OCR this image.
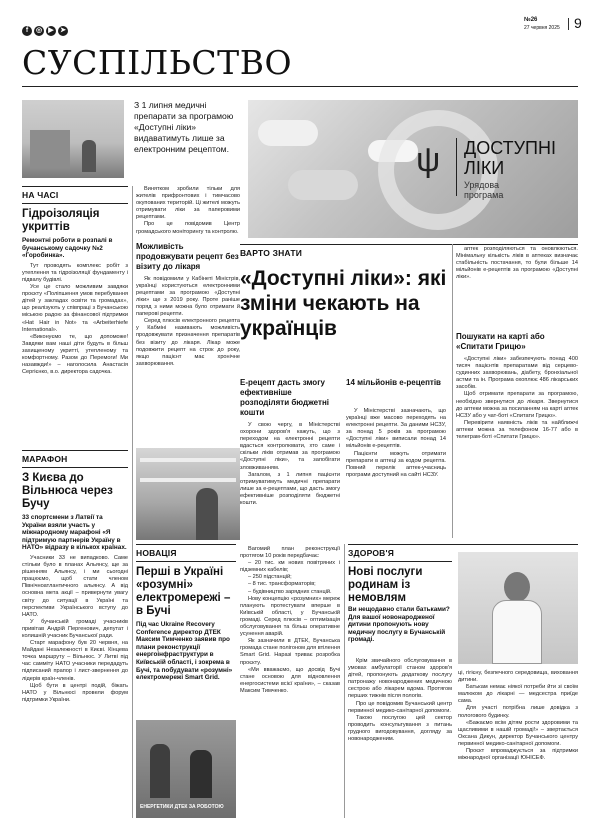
f ◎ ▶ ➤
№26
27 червня 2025 9
СУСПІЛЬСТВО
З 1 липня медичні препарати за програмою «Доступні ліки» видаватимуть лише за електронним рецептом.	ψ ДОСТУПНІ
ЛІКИ
Урядова програма
НА ЧАСІ
Гідроізоляція укриттів
Ремонтні роботи в розпалі в бучанському садочку №2 «Горобинка».

Тут проводять комплекс робіт з утеплення та гідроізоляції фундаменту і підвалу будівлі.

Усе це стало можливим завдяки проєкту «Поліпшення умов перебування дітей у закладах освіти та громадах», що реалізують у співпраці з Бучанською міською радою за фінансової підтримки «Hat Hair in Not» та «Arbeiterhiefe International».

«Виконуємо те, що допоможе! Завдяки вам наші діти будуть в більш захищеному укритті, утепленому та комфортному. Разом до Перемоги! Ми назавжди!» – наголосила Анастасія Сергієнко, в.о. директора садочка.

МАРАФОН
З Києва до Вільнюса через Бучу
33 спортсмени з Латвії та України взяли участь у міжнародному марафоні «Я підтримую партнерів Україну в НАТО» відразу в кількох країнах.

Учасники 33 не випадково. Саме стільки було в планах Альянсу, ще за рішенням Альянсу, і ми сьогодні працюємо, щоб стати членом Північноатлантичного альянсу. А від основна мета акції – привернути увагу світу до ситуації в Україні та перспективи Українського вступу до НАТО.

У бучанській громаді учасників привітав Андрій Пергенович, депутат і колишній учасник Бучанської ради.

Старт марафону був 20 червня, на Майдані Незалежності в Києві. Кінцева точка маршруту – Вільнюс. У Литві під час самміту НАТО учасники передадуть підписаний прапор і лист-звернення до лідерів країн-членів.

Щоб бути в центрі подій, біжать НАТО у Вільнюсі провели форум підтримки України.

Винятком зробили тільки для жителів прифронтових і тимчасово окупованих територій. Ці жителі можуть отримувати ліки за паперовими рецептами.

Про це повідомив Центр громадського моніторингу та контролю.

Можливість продовжувати рецепт без візиту до лікаря

Як повідомили у Кабінеті Міністрів, українці користуються електронними рецептами за програмою «Доступні ліки» ще з 2019 року. Проте раніше поряд з ними можна було отримати й паперові рецепти.

Серед плюсів електронного рецепта у Кабміні називають можливість продовжувати призначення препаратів без візиту до лікаря. Лікар може подовжити рецепт на строк до року, якщо пацієнт має хронічне захворювання.

ВАРТО ЗНАТИ
«Доступні ліки»: які зміни чекають на українців
Е-рецепт дасть змогу ефективніше розподіляти бюджетні кошти

У свою чергу, в Міністерстві охорони здоров'я кажуть, що з переходом на електронні рецепти вдасться контролювати, хто саме і скільки ліків отримав за програмою «Доступні ліки», та запобігати зловживанням.

Загалом, з 1 липня пацієнти отримуватимуть медичні препарати лише за е-рецептами, що дасть змогу ефективніше розподіляти бюджетні кошти.

14 мільйонів е-рецептів

У Міністерстві зазначають, що українці вже масово переходять на електронні рецепти. За даними НСЗУ, за понад 5 років за програмою «Доступні ліки» виписали понад 14 мільйонів е-рецептів.

Пацієнти можуть отримати препарати в аптеці за кодом рецепта. Повний перелік аптек-учасниць програми доступний на сайті НСЗУ.

аптек розподіляються та оновлюються. Мінімальну кількість ліків в аптеках визначає стабільність постачання, то були більше 14 мільйонів е-рецептів за програмою «Доступні ліки».

Пошукати на карті або «Спитати Грицю»

«Доступні ліки» забезпечують понад 400 тисяч пацієнтів препаратами від серцево-судинних захворювань, діабету, бронхіальної астми та ін. Програма охоплює 486 лікарських засобів.

Щоб отримати препарати за програмою, необхідно звернутися до лікаря. Звернутися до аптеки можна за посиланням на карті аптек НСЗУ або у чат-боті «Спитати Грицю».

Перевірити наявність ліків та найближчі аптеки можна за телефоном 16-77 або в телеграм-боті «Спитати Грицю».

НОВАЦІЯ
Перші в Україні «розумні» електромережі – в Бучі
Під час Ukraine Recovery Conference директор ДТЕК Максим Тимченко заявив про плани реконструкції енергоінфраструктури в Київській області, і зокрема в Бучі, та побудувати «розумні» електромережі Smart Grid.
ЕНЕРГЕТИКИ ДТЕК ЗА РОБОТОЮ

Вагомий план реконструкції протягом 10 років передбачає:

– 20 тис. км нових повітряних і підземних кабелів;

– 250 підстанцій;

– 8 тис. трансформаторів;

– будівництво зарядних станцій.

Нову концепцію «розумних» мереж планують протестувати вперше в Київській області, у Бучанській громаді. Серед плюсів – оптимізація обслуговування та більш оперативне усунення аварій.

Як зазначили в ДТЕК, Бучанська громада стане полігоном для втілення Smart Grid. Наразі триває розробка проєкту.

«Ми вважаємо, що досвід Бучі стане основою для відновлення енергосистеми всієї країни», – сказав Максим Тимченко.

ЗДОРОВ'Я
Нові послуги родинам із немовлям
Ви нещодавно стали батьками? Для вашої новонародженої дитини пропонують нову медичну послугу в Бучанській громаді.

Крім звичайного обслуговування в умовах амбулаторії станом здоров'я дітей, пропонують додаткову послугу патронажу новонароджених медичною сестрою або лікарем вдома. Протягом перших тижнів після пологів.

Про це повідомив Бучанський центр первинної медико-санітарної допомоги.

Такою послугою цей сектор проводить консультування з питань грудного вигодовування, догляду за новонародженим.

ці, гігієну, безпечного середовища, виховання дитини.

Батькам немає ніякої потреби йти зі своїм малюком до лікарні — медсестра приїде сама.

Для участі потрібна лише довідка з пологового будинку.

«Бажаємо всім дітям рости здоровими та щасливими в нашій громаді!» – звертається Оксана Дикун, директор Бучанського центру первинної медико-санітарної допомоги.

Проєкт впроваджується за підтримки міжнародної організації ЮНІСЕФ.
